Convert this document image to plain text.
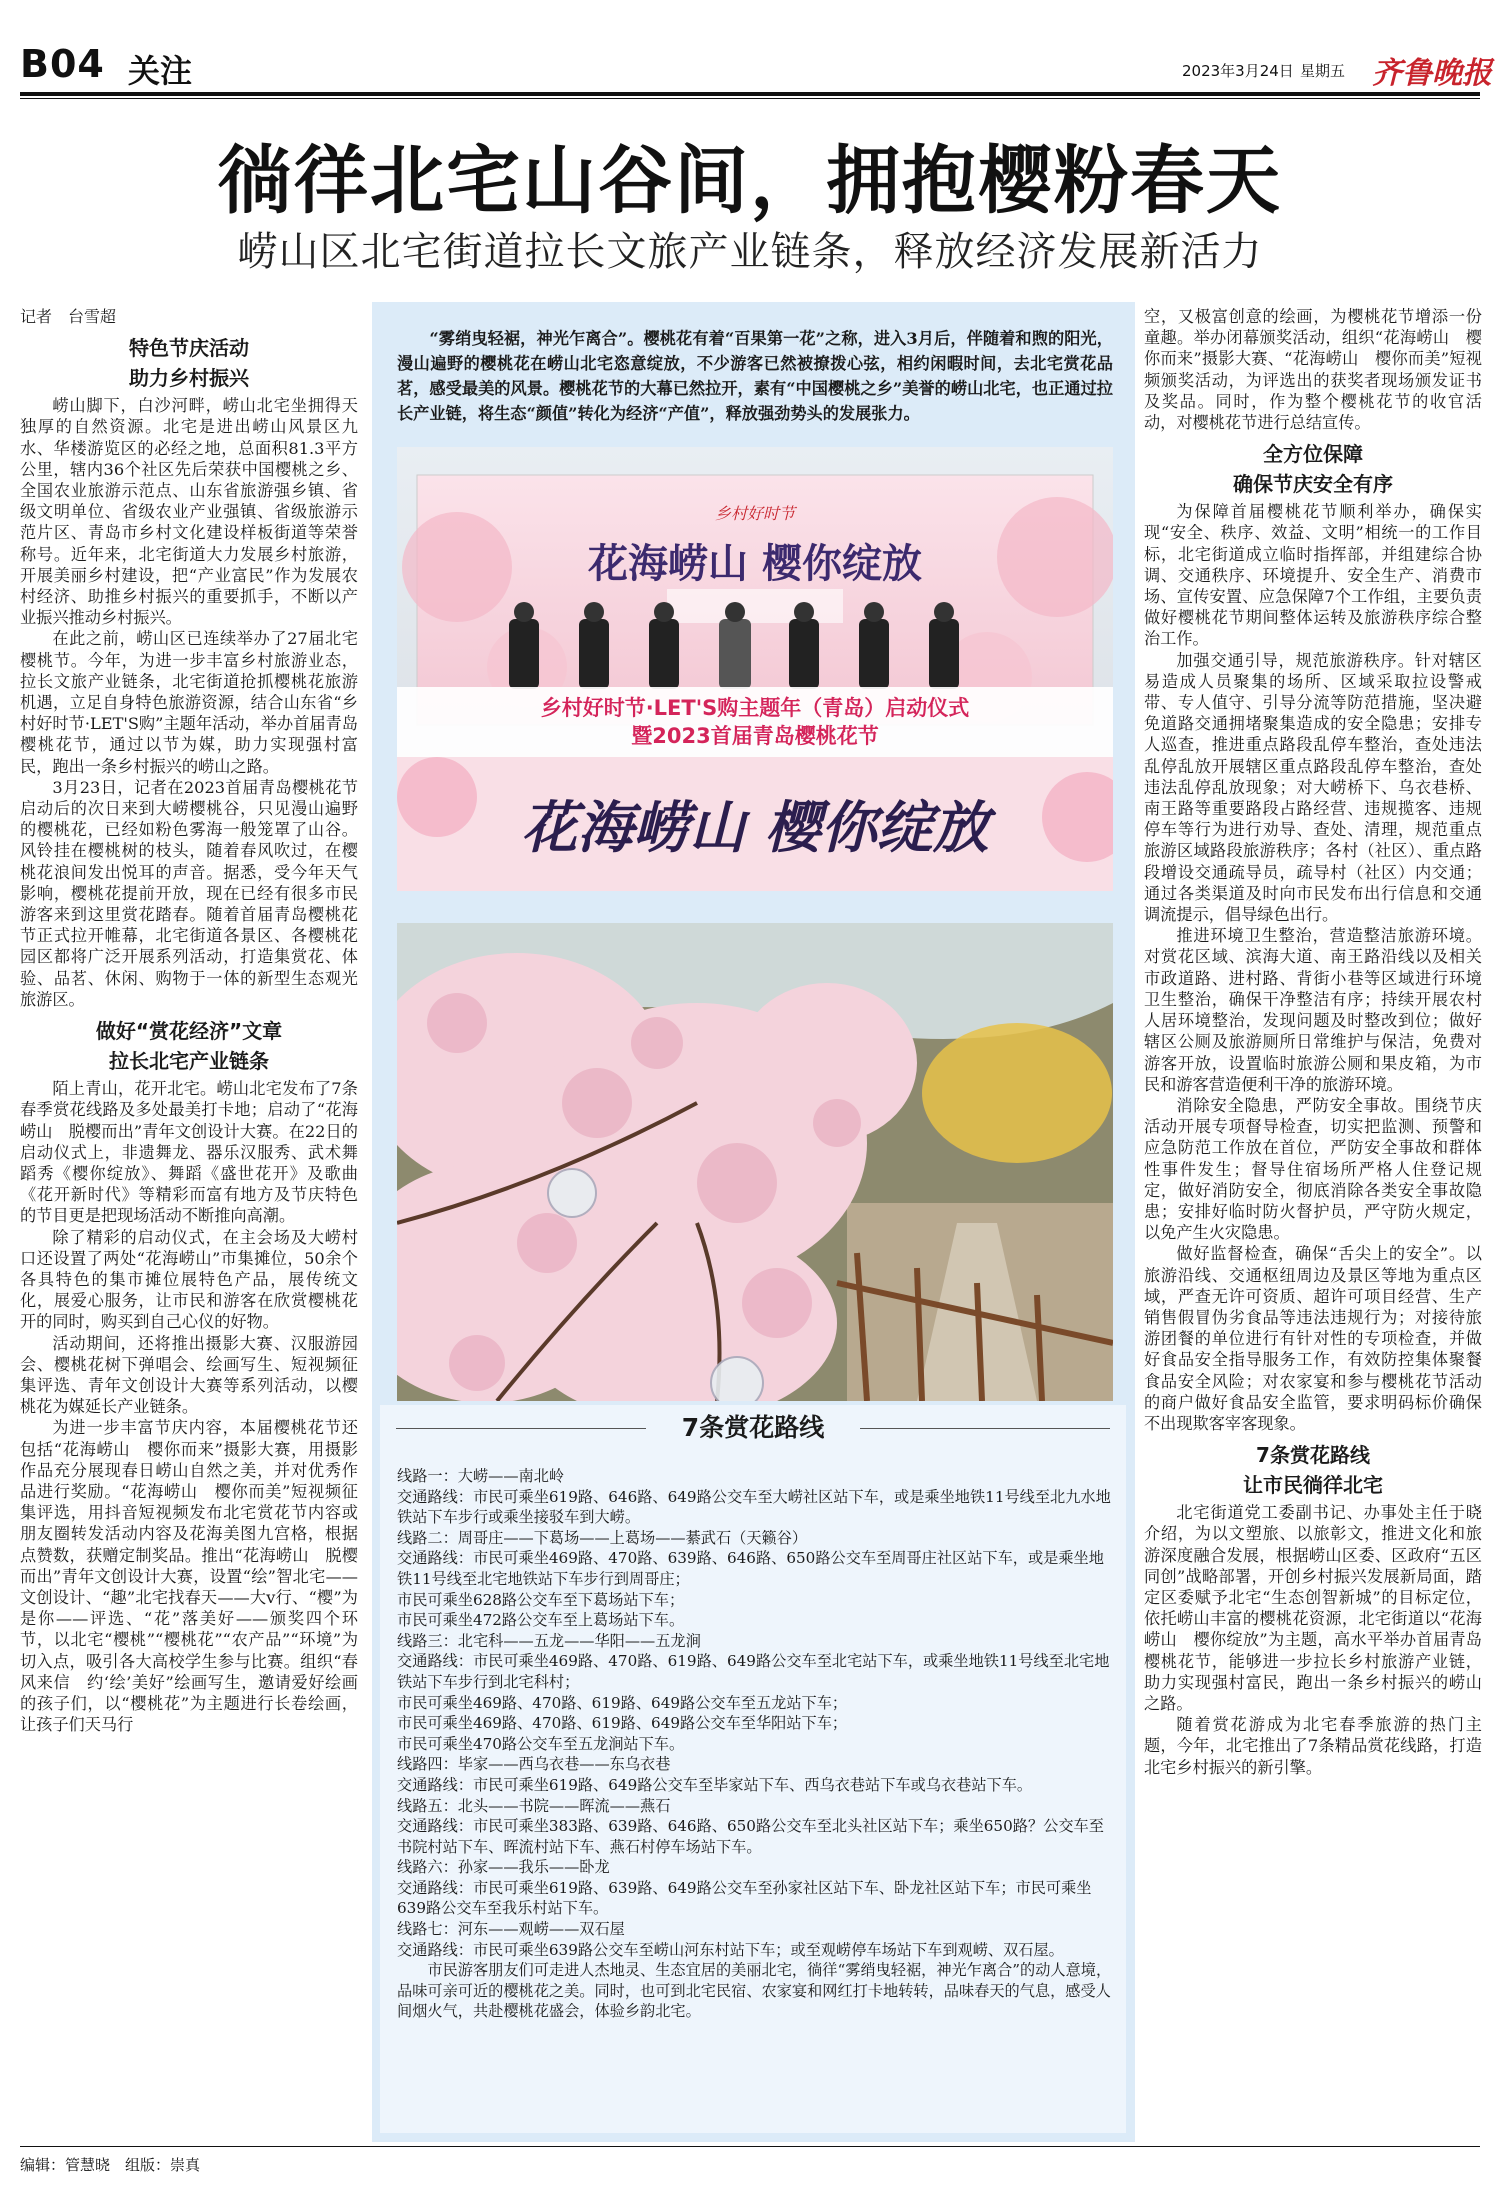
B04 关注	2023年3月24日 星期五 齐鲁晚报
徜徉北宅山谷间，拥抱樱粉春天
崂山区北宅街道拉长文旅产业链条，释放经济发展新活力
记者　台雪超
特色节庆活动
助力乡村振兴

崂山脚下，白沙河畔，崂山北宅坐拥得天独厚的自然资源。北宅是进出崂山风景区九水、华楼游览区的必经之地，总面积81.3平方公里，辖内36个社区先后荣获中国樱桃之乡、全国农业旅游示范点、山东省旅游强乡镇、省级文明单位、省级农业产业强镇、省级旅游示范片区、青岛市乡村文化建设样板街道等荣誉称号。近年来，北宅街道大力发展乡村旅游，开展美丽乡村建设，把“产业富民”作为发展农村经济、助推乡村振兴的重要抓手，不断以产业振兴推动乡村振兴。

在此之前，崂山区已连续举办了27届北宅樱桃节。今年，为进一步丰富乡村旅游业态，拉长文旅产业链条，北宅街道抢抓樱桃花旅游机遇，立足自身特色旅游资源，结合山东省“乡村好时节·LET'S购”主题年活动，举办首届青岛樱桃花节，通过以节为媒，助力实现强村富民，跑出一条乡村振兴的崂山之路。

3月23日，记者在2023首届青岛樱桃花节启动后的次日来到大崂樱桃谷，只见漫山遍野的樱桃花，已经如粉色雾海一般笼罩了山谷。风铃挂在樱桃树的枝头，随着春风吹过，在樱桃花浪间发出悦耳的声音。据悉，受今年天气影响，樱桃花提前开放，现在已经有很多市民游客来到这里赏花踏春。随着首届青岛樱桃花节正式拉开帷幕，北宅街道各景区、各樱桃花园区都将广泛开展系列活动，打造集赏花、体验、品茗、休闲、购物于一体的新型生态观光旅游区。

做好“赏花经济”文章
拉长北宅产业链条

陌上青山，花开北宅。崂山北宅发布了7条春季赏花线路及多处最美打卡地；启动了“花海崂山　脱樱而出”青年文创设计大赛。在22日的启动仪式上，非遗舞龙、器乐汉服秀、武术舞蹈秀《樱你绽放》、舞蹈《盛世花开》及歌曲《花开新时代》等精彩而富有地方及节庆特色的节目更是把现场活动不断推向高潮。

除了精彩的启动仪式，在主会场及大崂村口还设置了两处“花海崂山”市集摊位，50余个各具特色的集市摊位展特色产品，展传统文化，展爱心服务，让市民和游客在欣赏樱桃花开的同时，购买到自己心仪的好物。

活动期间，还将推出摄影大赛、汉服游园会、樱桃花树下弹唱会、绘画写生、短视频征集评选、青年文创设计大赛等系列活动，以樱桃花为媒延长产业链条。

为进一步丰富节庆内容，本届樱桃花节还包括“花海崂山　樱你而来”摄影大赛，用摄影作品充分展现春日崂山自然之美，并对优秀作品进行奖励。“花海崂山　樱你而美”短视频征集评选，用抖音短视频发布北宅赏花节内容或朋友圈转发活动内容及花海美图九宫格，根据点赞数，获赠定制奖品。推出“花海崂山　脱樱而出”青年文创设计大赛，设置“绘”智北宅——文创设计、“趣”北宅找春天——大v行、“樱”为是你——评选、“花”落美好——颁奖四个环节，以北宅“樱桃”“樱桃花”“农产品”“环境”为切入点，吸引各大高校学生参与比赛。组织“春风来信　约‘绘’美好”绘画写生，邀请爱好绘画的孩子们，以“樱桃花”为主题进行长卷绘画，让孩子们天马行

“雾绡曳轻裾，神光乍离合”。樱桃花有着“百果第一花”之称，进入3月后，伴随着和煦的阳光，漫山遍野的樱桃花在崂山北宅恣意绽放，不少游客已然被撩拨心弦，相约闲暇时间，去北宅赏花品茗，感受最美的风景。樱桃花节的大幕已然拉开，素有“中国樱桃之乡”美誉的崂山北宅，也正通过拉长产业链，将生态“颜值”转化为经济“产值”，释放强劲势头的发展张力。
乡村好时节
花海崂山 樱你绽放
乡村好时节·LET'S购主题年（青岛）启动仪式
暨2023首届青岛樱桃花节
花海崂山 樱你绽放
7条赏花路线

线路一：大崂——南北岭

交通路线：市民可乘坐619路、646路、649路公交车至大崂社区站下车，或是乘坐地铁11号线至北九水地铁站下车步行或乘坐接驳车到大崂。

线路二：周哥庄——下葛场——上葛场——綦武石（天籁谷）

交通路线：市民可乘坐469路、470路、639路、646路、650路公交车至周哥庄社区站下车，或是乘坐地铁11号线至北宅地铁站下车步行到周哥庄；

市民可乘坐628路公交车至下葛场站下车；

市民可乘坐472路公交车至上葛场站下车。

线路三：北宅科——五龙——华阳——五龙涧

交通路线：市民可乘坐469路、470路、619路、649路公交车至北宅站下车，或乘坐地铁11号线至北宅地铁站下车步行到北宅科村；

市民可乘坐469路、470路、619路、649路公交车至五龙站下车；

市民可乘坐469路、470路、619路、649路公交车至华阳站下车；

市民可乘坐470路公交车至五龙涧站下车。

线路四：毕家——西乌衣巷——东乌衣巷

交通路线：市民可乘坐619路、649路公交车至毕家站下车、西乌衣巷站下车或乌衣巷站下车。

线路五：北头——书院——晖流——燕石

交通路线：市民可乘坐383路、639路、646路、650路公交车至北头社区站下车；乘坐650路？公交车至书院村站下车、晖流村站下车、燕石村停车场站下车。

线路六：孙家——我乐——卧龙

交通路线：市民可乘坐619路、639路、649路公交车至孙家社区站下车、卧龙社区站下车；市民可乘坐639路公交车至我乐村站下车。

线路七：河东——观崂——双石屋

交通路线：市民可乘坐639路公交车至崂山河东村站下车；或至观崂停车场站下车到观崂、双石屋。

市民游客朋友们可走进人杰地灵、生态宜居的美丽北宅，徜徉“雾绡曳轻裾，神光乍离合”的动人意境，品味可亲可近的樱桃花之美。同时，也可到北宅民宿、农家宴和网红打卡地转转，品味春天的气息，感受人间烟火气，共赴樱桃花盛会，体验乡韵北宅。

空，又极富创意的绘画，为樱桃花节增添一份童趣。举办闭幕颁奖活动，组织“花海崂山　樱你而来”摄影大赛、“花海崂山　樱你而美”短视频颁奖活动，为评选出的获奖者现场颁发证书及奖品。同时，作为整个樱桃花节的收官活动，对樱桃花节进行总结宣传。

全方位保障
确保节庆安全有序

为保障首届樱桃花节顺利举办，确保实现“安全、秩序、效益、文明”相统一的工作目标，北宅街道成立临时指挥部，并组建综合协调、交通秩序、环境提升、安全生产、消费市场、宣传安置、应急保障7个工作组，主要负责做好樱桃花节期间整体运转及旅游秩序综合整治工作。

加强交通引导，规范旅游秩序。针对辖区易造成人员聚集的场所、区域采取拉设警戒带、专人值守、引导分流等防范措施，坚决避免道路交通拥堵聚集造成的安全隐患；安排专人巡查，推进重点路段乱停车整治，查处违法乱停乱放开展辖区重点路段乱停车整治，查处违法乱停乱放现象；对大崂桥下、乌衣巷桥、南王路等重要路段占路经营、违规揽客、违规停车等行为进行劝导、查处、清理，规范重点旅游区域路段旅游秩序；各村（社区）、重点路段增设交通疏导员，疏导村（社区）内交通；通过各类渠道及时向市民发布出行信息和交通调流提示，倡导绿色出行。

推进环境卫生整治，营造整洁旅游环境。对赏花区域、滨海大道、南王路沿线以及相关市政道路、进村路、背街小巷等区域进行环境卫生整治，确保干净整洁有序；持续开展农村人居环境整治，发现问题及时整改到位；做好辖区公厕及旅游厕所日常维护与保洁，免费对游客开放，设置临时旅游公厕和果皮箱，为市民和游客营造便利干净的旅游环境。

消除安全隐患，严防安全事故。围绕节庆活动开展专项督导检查，切实把监测、预警和应急防范工作放在首位，严防安全事故和群体性事件发生；督导住宿场所严格人住登记规定，做好消防安全，彻底消除各类安全事故隐患；安排好临时防火督护员，严守防火规定，以免产生火灾隐患。

做好监督检查，确保“舌尖上的安全”。以旅游沿线、交通枢纽周边及景区等地为重点区域，严查无许可资质、超许可项目经营、生产销售假冒伪劣食品等违法违规行为；对接待旅游团餐的单位进行有针对性的专项检查，并做好食品安全指导服务工作，有效防控集体聚餐食品安全风险；对农家宴和参与樱桃花节活动的商户做好食品安全监管，要求明码标价确保不出现欺客宰客现象。

7条赏花路线
让市民徜徉北宅

北宅街道党工委副书记、办事处主任于晓介绍，为以文塑旅、以旅彰文，推进文化和旅游深度融合发展，根据崂山区委、区政府“五区同创”战略部署，开创乡村振兴发展新局面，踏定区委赋予北宅“生态创智新城”的目标定位，依托崂山丰富的樱桃花资源，北宅街道以“花海崂山　樱你绽放”为主题，高水平举办首届青岛樱桃花节，能够进一步拉长乡村旅游产业链，助力实现强村富民，跑出一条乡村振兴的崂山之路。

随着赏花游成为北宅春季旅游的热门主题，今年，北宅推出了7条精品赏花线路，打造北宅乡村振兴的新引擎。

编辑：管慧晓　组版：崇真
